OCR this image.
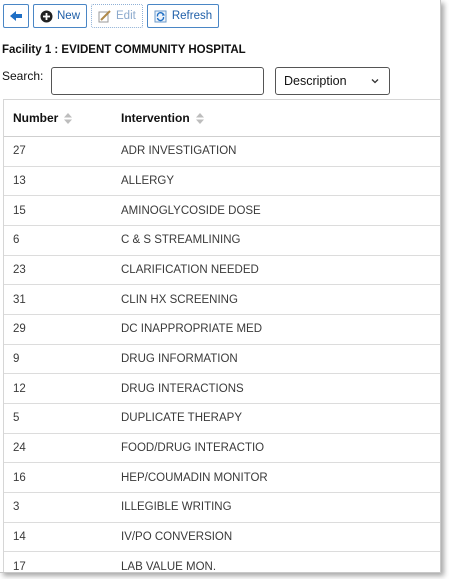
New	Edit	Refresh
Facility 1 : EVIDENT COMMUNITY HOSPITAL
Search:	Description
Number	Intervention
27	ADR INVESTIGATION
13	ALLERGY
15	AMINOGLYCOSIDE DOSE
6	C & S STREAMLINING
23	CLARIFICATION NEEDED
31	CLIN HX SCREENING
29	DC INAPPROPRIATE MED
9	DRUG INFORMATION
12	DRUG INTERACTIONS
5	DUPLICATE THERAPY
24	FOOD/DRUG INTERACTIO
16	HEP/COUMADIN MONITOR
3	ILLEGIBLE WRITING
14	IV/PO CONVERSION
17	LAB VALUE MON.
